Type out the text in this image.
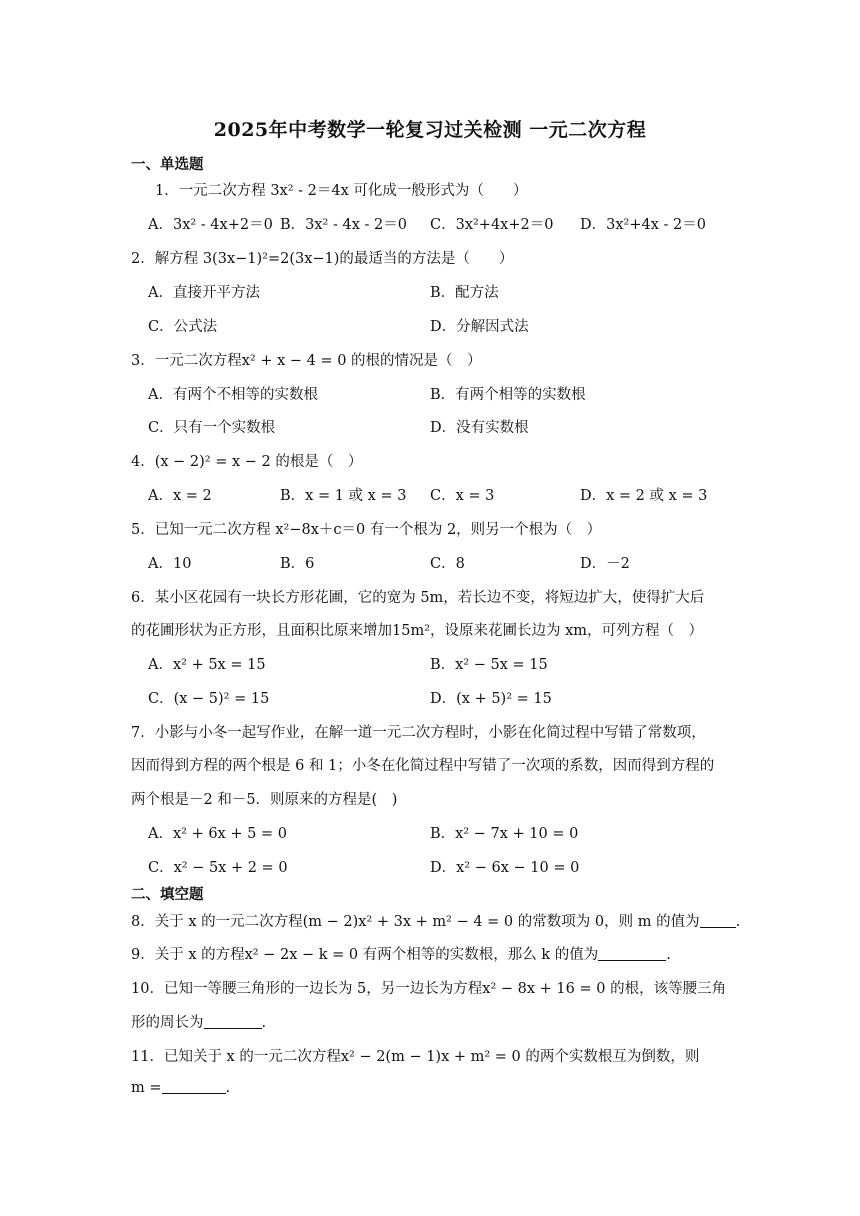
2025年中考数学一轮复习过关检测 一元二次方程
一、单选题
1．一元二次方程 3x² ‐ 2＝4x 可化成一般形式为（　　）
A．3x² ‐ 4x+2＝0 B．3x² ‐ 4x ‐ 2＝0 C．3x²+4x+2＝0 D．3x²+4x ‐ 2＝0
2．解方程 3(3x−1)²=2(3x−1)的最适当的方法是（　　）
A．直接开平方法	B．配方法
C．公式法	D．分解因式法
3．一元二次方程x² + x − 4 = 0 的根的情况是（　）
A．有两个不相等的实数根	B．有两个相等的实数根
C．只有一个实数根	D．没有实数根
4．(x − 2)² = x − 2 的根是（　）
A．x = 2	B．x = 1 或 x = 3 C．x = 3	D．x = 2 或 x = 3
5．已知一元二次方程 x²−8x＋c＝0 有一个根为 2，则另一个根为（　）
A．10	B．6	C．8	D．－2
6．某小区花园有一块长方形花圃，它的宽为 5m，若长边不变，将短边扩大，使得扩大后
的花圃形状为正方形，且面积比原来增加15m²，设原来花圃长边为 xm，可列方程（　）
A．x² + 5x = 15	B．x² − 5x = 15
C．(x − 5)² = 15	D．(x + 5)² = 15
7．小影与小冬一起写作业，在解一道一元二次方程时，小影在化简过程中写错了常数项，
因而得到方程的两个根是 6 和 1；小冬在化简过程中写错了一次项的系数，因而得到方程的
两个根是－2 和－5．则原来的方程是(　)
A．x² + 6x + 5 = 0	B．x² − 7x + 10 = 0
C．x² − 5x + 2 = 0	D．x² − 6x − 10 = 0
二、填空题
8．关于 x 的一元二次方程(m − 2)x² + 3x + m² − 4 = 0 的常数项为 0，则 m 的值为 .
9．关于 x 的方程x² − 2x − k = 0 有两个相等的实数根，那么 k 的值为	.
10．已知一等腰三角形的一边长为 5，另一边长为方程x² − 8x + 16 = 0 的根，该等腰三角
形的周长为	.
11．已知关于 x 的一元二次方程x² − 2(m − 1)x + m² = 0 的两个实数根互为倒数，则
m =	.
